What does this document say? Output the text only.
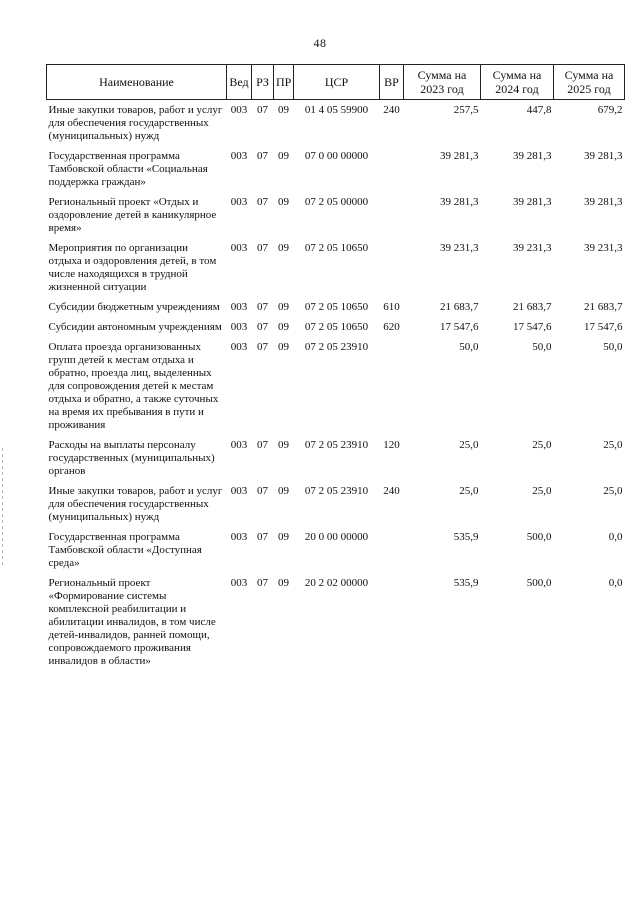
48
Наименование	Вед	РЗ	ПР	ЦСР	ВР	Сумма на 2023 год	Сумма на 2024 год	Сумма на 2025 год
Иные закупки товаров, работ и услуг для обеспечения государственных (муниципальных) нужд	003	07	09	01 4 05 59900	240	257,5	447,8	679,2
Государственная программа Тамбовской области «Социальная поддержка граждан»	003	07	09	07 0 00 00000		39 281,3	39 281,3	39 281,3
Региональный проект «Отдых и оздоровление детей в каникулярное время»	003	07	09	07 2 05 00000		39 281,3	39 281,3	39 281,3
Мероприятия по организации отдыха и оздоровления детей, в том числе находящихся в трудной жизненной ситуации	003	07	09	07 2 05 10650		39 231,3	39 231,3	39 231,3
Субсидии бюджетным учреждениям	003	07	09	07 2 05 10650	610	21 683,7	21 683,7	21 683,7
Субсидии автономным учреждениям	003	07	09	07 2 05 10650	620	17 547,6	17 547,6	17 547,6
Оплата проезда организованных групп детей к местам отдыха и обратно, проезда лиц, выделенных для сопровождения детей к местам отдыха и обратно, а также суточных на время их пребывания в пути и проживания	003	07	09	07 2 05 23910		50,0	50,0	50,0
Расходы на выплаты персоналу государственных (муниципальных) органов	003	07	09	07 2 05 23910	120	25,0	25,0	25,0
Иные закупки товаров, работ и услуг для обеспечения государственных (муниципальных) нужд	003	07	09	07 2 05 23910	240	25,0	25,0	25,0
Государственная программа Тамбовской области «Доступная среда»	003	07	09	20 0 00 00000		535,9	500,0	0,0
Региональный проект «Формирование системы комплексной реабилитации и абилитации инвалидов, в том числе детей-инвалидов, ранней помощи, сопровождаемого проживания инвалидов в области»	003	07	09	20 2 02 00000		535,9	500,0	0,0
